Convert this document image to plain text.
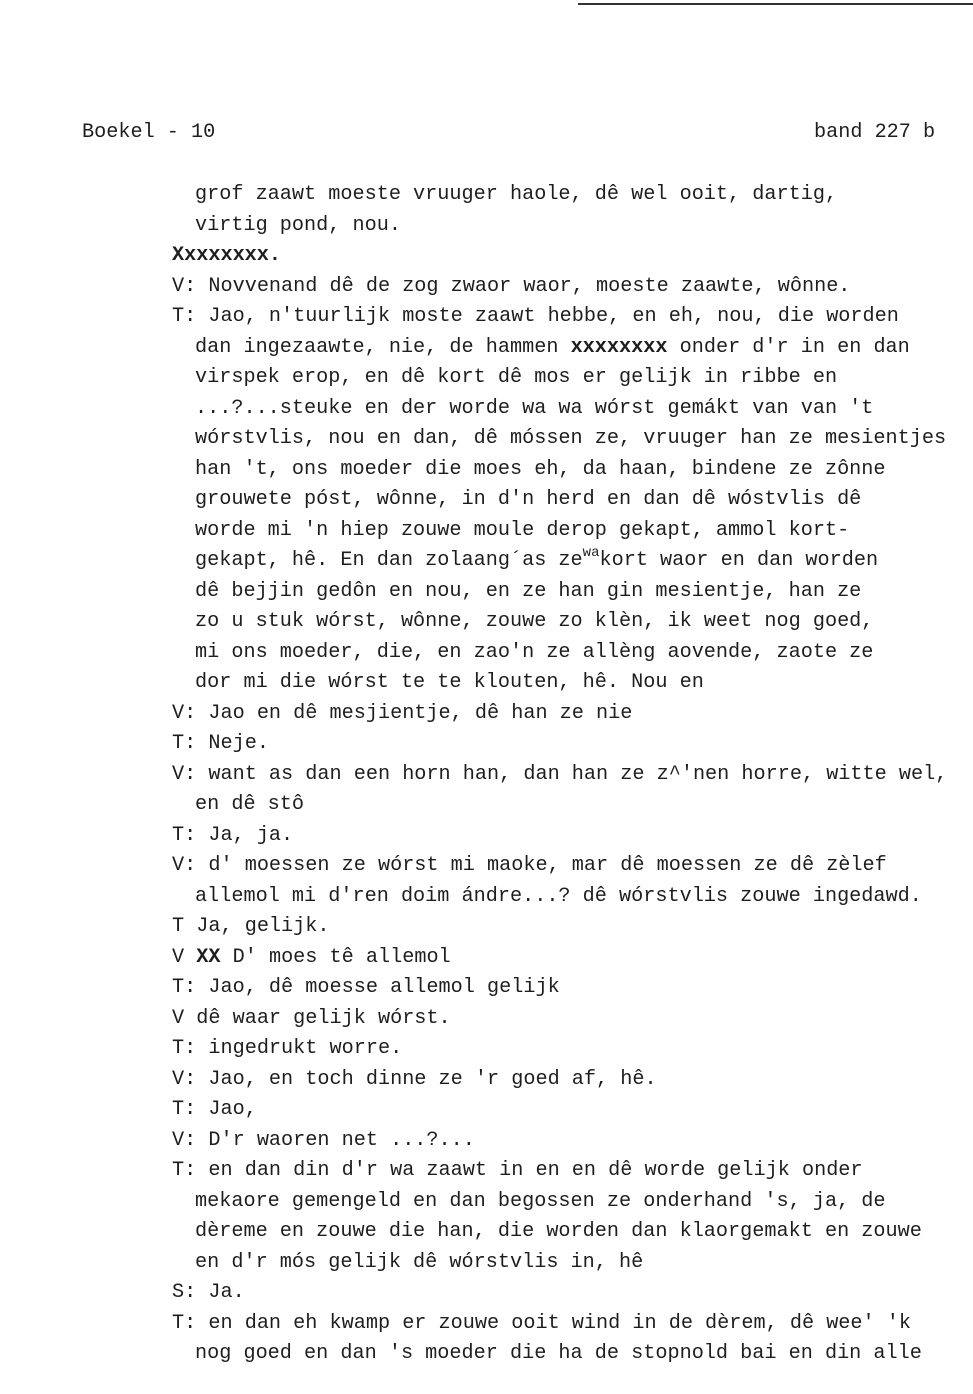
Boekel - 10	band 227 b
grof zaawt moeste vruuger haole, dê wel ooit, dartig,
virtig pond, nou.
Xxxxxxxx.
V: Novvenand dê de zog zwaor waor, moeste zaawte, wônne.
T: Jao, n'tuurlijk moste zaawt hebbe, en eh, nou, die worden
dan ingezaawte, nie, de hammen xxxxxxxx onder d'r in en dan
virspek erop, en dê kort dê mos er gelijk in ribbe en
...?...steuke en der worde wa wa wórst gemákt van van 't
wórstvlis, nou en dan, dê móssen ze, vruuger han ze mesientjes
han 't, ons moeder die moes eh, da haan, bindene ze zônne
grouwete póst, wônne, in d'n herd en dan dê wóstvlis dê
worde mi 'n hiep zouwe moule derop gekapt, ammol kort-
gekapt, hê. En dan zolaang´as $ze^{wa}kort$ waor en dan worden
dê bejjin gedôn en nou, en ze han gin mesientje, han ze
zo u stuk wórst, wônne, zouwe zo klèn, ik weet nog goed,
mi ons moeder, die, en zao'n ze allèng aovende, zaote ze
dor mi die wórst te te klouten, hê. Nou en
V: Jao en dê mesjientje, dê han ze nie
T: Neje.
V: want as dan een horn han, dan han ze z^'nen horre, witte wel,
en dê stô
T: Ja, ja.
V: d' moessen ze wórst mi maoke, mar dê moessen ze dê zèlef
allemol mi d'ren doim ándre...? dê wórstvlis zouwe ingedawd.
T Ja, gelijk.
V XX D' moes tê allemol
T: Jao, dê moesse allemol gelijk
V dê waar gelijk wórst.
T: ingedrukt worre.
V: Jao, en toch dinne ze 'r goed af, hê.
T: Jao,
V: D'r waoren net ...?...
T: en dan din d'r wa zaawt in en en dê worde gelijk onder
mekaore gemengeld en dan begossen ze onderhand 's, ja, de
dèreme en zouwe die han, die worden dan klaorgemakt en zouwe
en d'r mós gelijk dê wórstvlis in, hê
S: Ja.
T: en dan eh kwamp er zouwe ooit wind in de dèrem, dê wee' 'k
nog goed en dan 's moeder die ha de stopnold bai en din alle
